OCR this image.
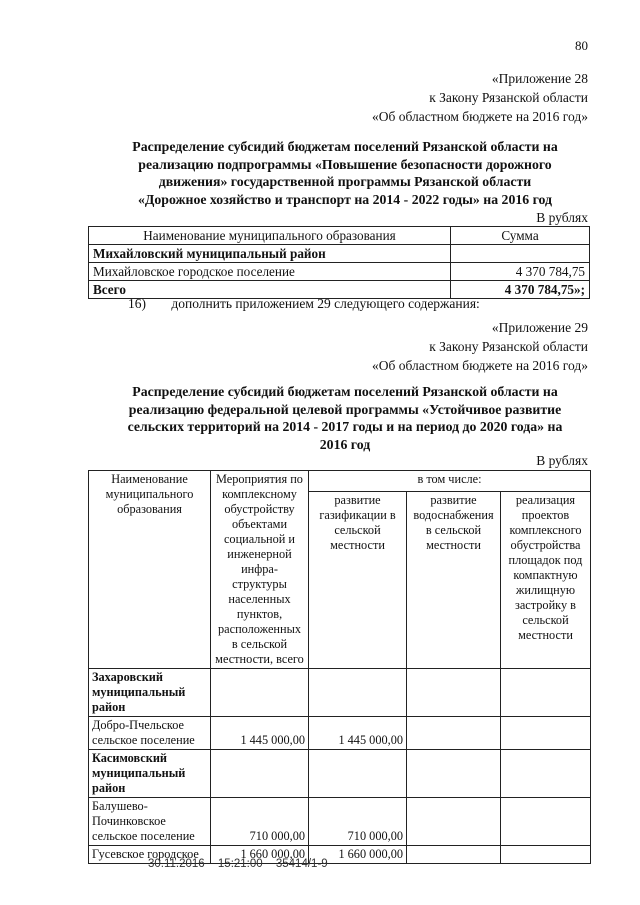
80
«Приложение 28
к Закону Рязанской области
«Об областном бюджете на 2016 год»
Распределение субсидий бюджетам поселений Рязанской области на
реализацию подпрограммы «Повышение безопасности дорожного
движения» государственной программы Рязанской области
«Дорожное хозяйство и транспорт на 2014 - 2022 годы» на 2016 год
В рублях
Наименование муниципального образования	Сумма
Михайловский муниципальный район	
Михайловское городское поселение	4 370 784,75
Всего	4 370 784,75»;
16) дополнить приложением 29 следующего содержания:
«Приложение 29
к Закону Рязанской области
«Об областном бюджете на 2016 год»
Распределение субсидий бюджетам поселений Рязанской области на
реализацию федеральной целевой программы «Устойчивое развитие
сельских территорий на 2014 - 2017 годы и на период до 2020 года» на
2016 год
В рублях
Наименование муниципального образования	Мероприятия по комплексному обустройству объектами социальной и инженерной инфра-структуры населенных пунктов, расположенных в сельской местности, всего	в том числе:		
		развитие газификации в сельской местности	развитие водоснабжения в сельской местности	реализация проектов комплексного обустройства площадок под компактную жилищную застройку в сельской местности
Захаровский муниципальный район				
Добро-Пчельское сельское поселение	1 445 000,00	1 445 000,00		
Касимовский муниципальный район				
Балушево-Починковское сельское поселение	710 000,00	710 000,00		
Гусевское городское	1 660 000,00	1 660 000,00		
30.11.2016 15:21:00 35414/1-9
